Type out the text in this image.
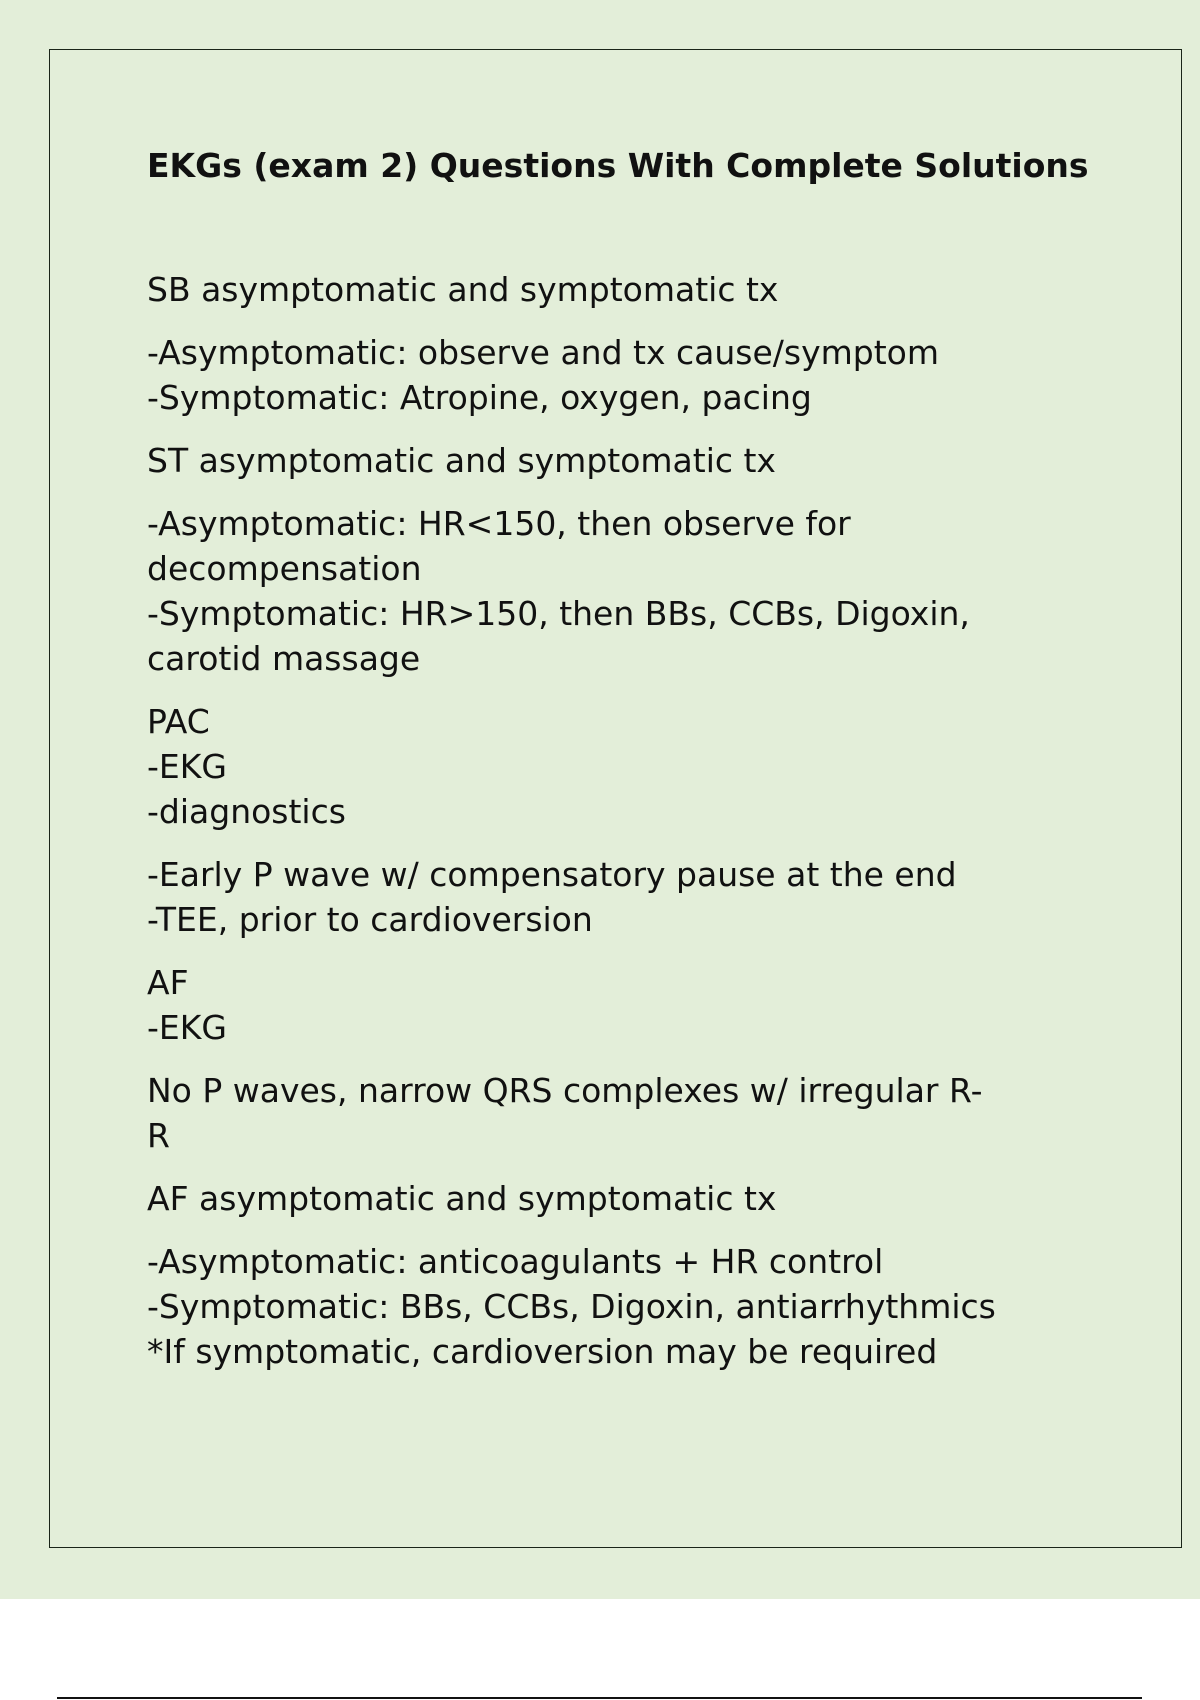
EKGs (exam 2) Questions With Complete Solutions
SB asymptomatic and symptomatic tx
-Asymptomatic: observe and tx cause/symptom
-Symptomatic: Atropine, oxygen, pacing
ST asymptomatic and symptomatic tx
-Asymptomatic: HR<150, then observe for
decompensation
-Symptomatic: HR>150, then BBs, CCBs, Digoxin,
carotid massage
PAC
-EKG
-diagnostics
-Early P wave w/ compensatory pause at the end
-TEE, prior to cardioversion
AF
-EKG
No P waves, narrow QRS complexes w/ irregular R-
R
AF asymptomatic and symptomatic tx
-Asymptomatic: anticoagulants + HR control
-Symptomatic: BBs, CCBs, Digoxin, antiarrhythmics
*If symptomatic, cardioversion may be required
